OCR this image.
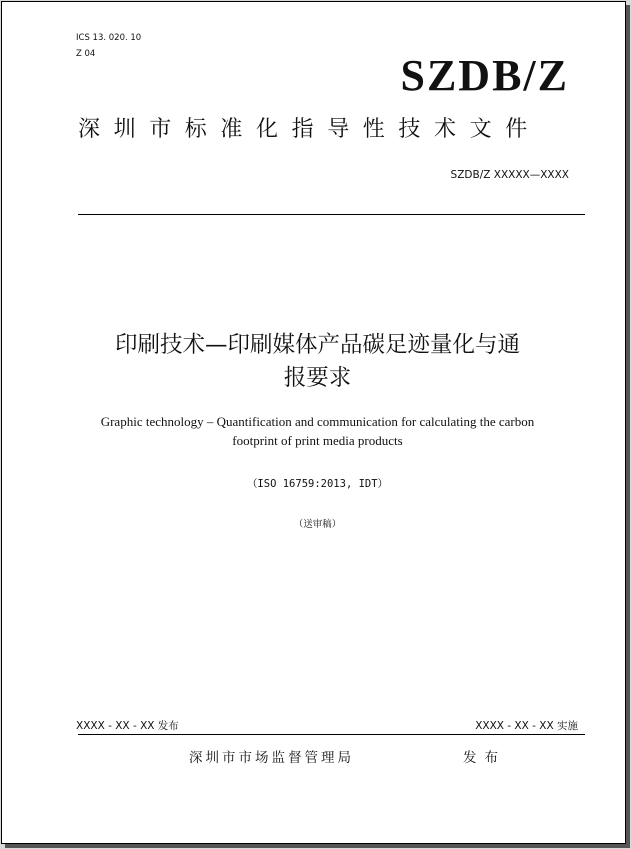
ICS 13. 020. 10
Z 04	SZDB/Z
深圳市标准化指导性技术文件
SZDB/Z XXXXX—XXXX
印刷技术—印刷媒体产品碳足迹量化与通
报要求
Graphic technology – Quantification and communication for calculating the carbon
footprint of print media products
（ISO 16759:2013, IDT）
（送审稿）
XXXX - XX - XX 发布	XXXX - XX - XX 实施
深圳市市场监督管理局	发布
